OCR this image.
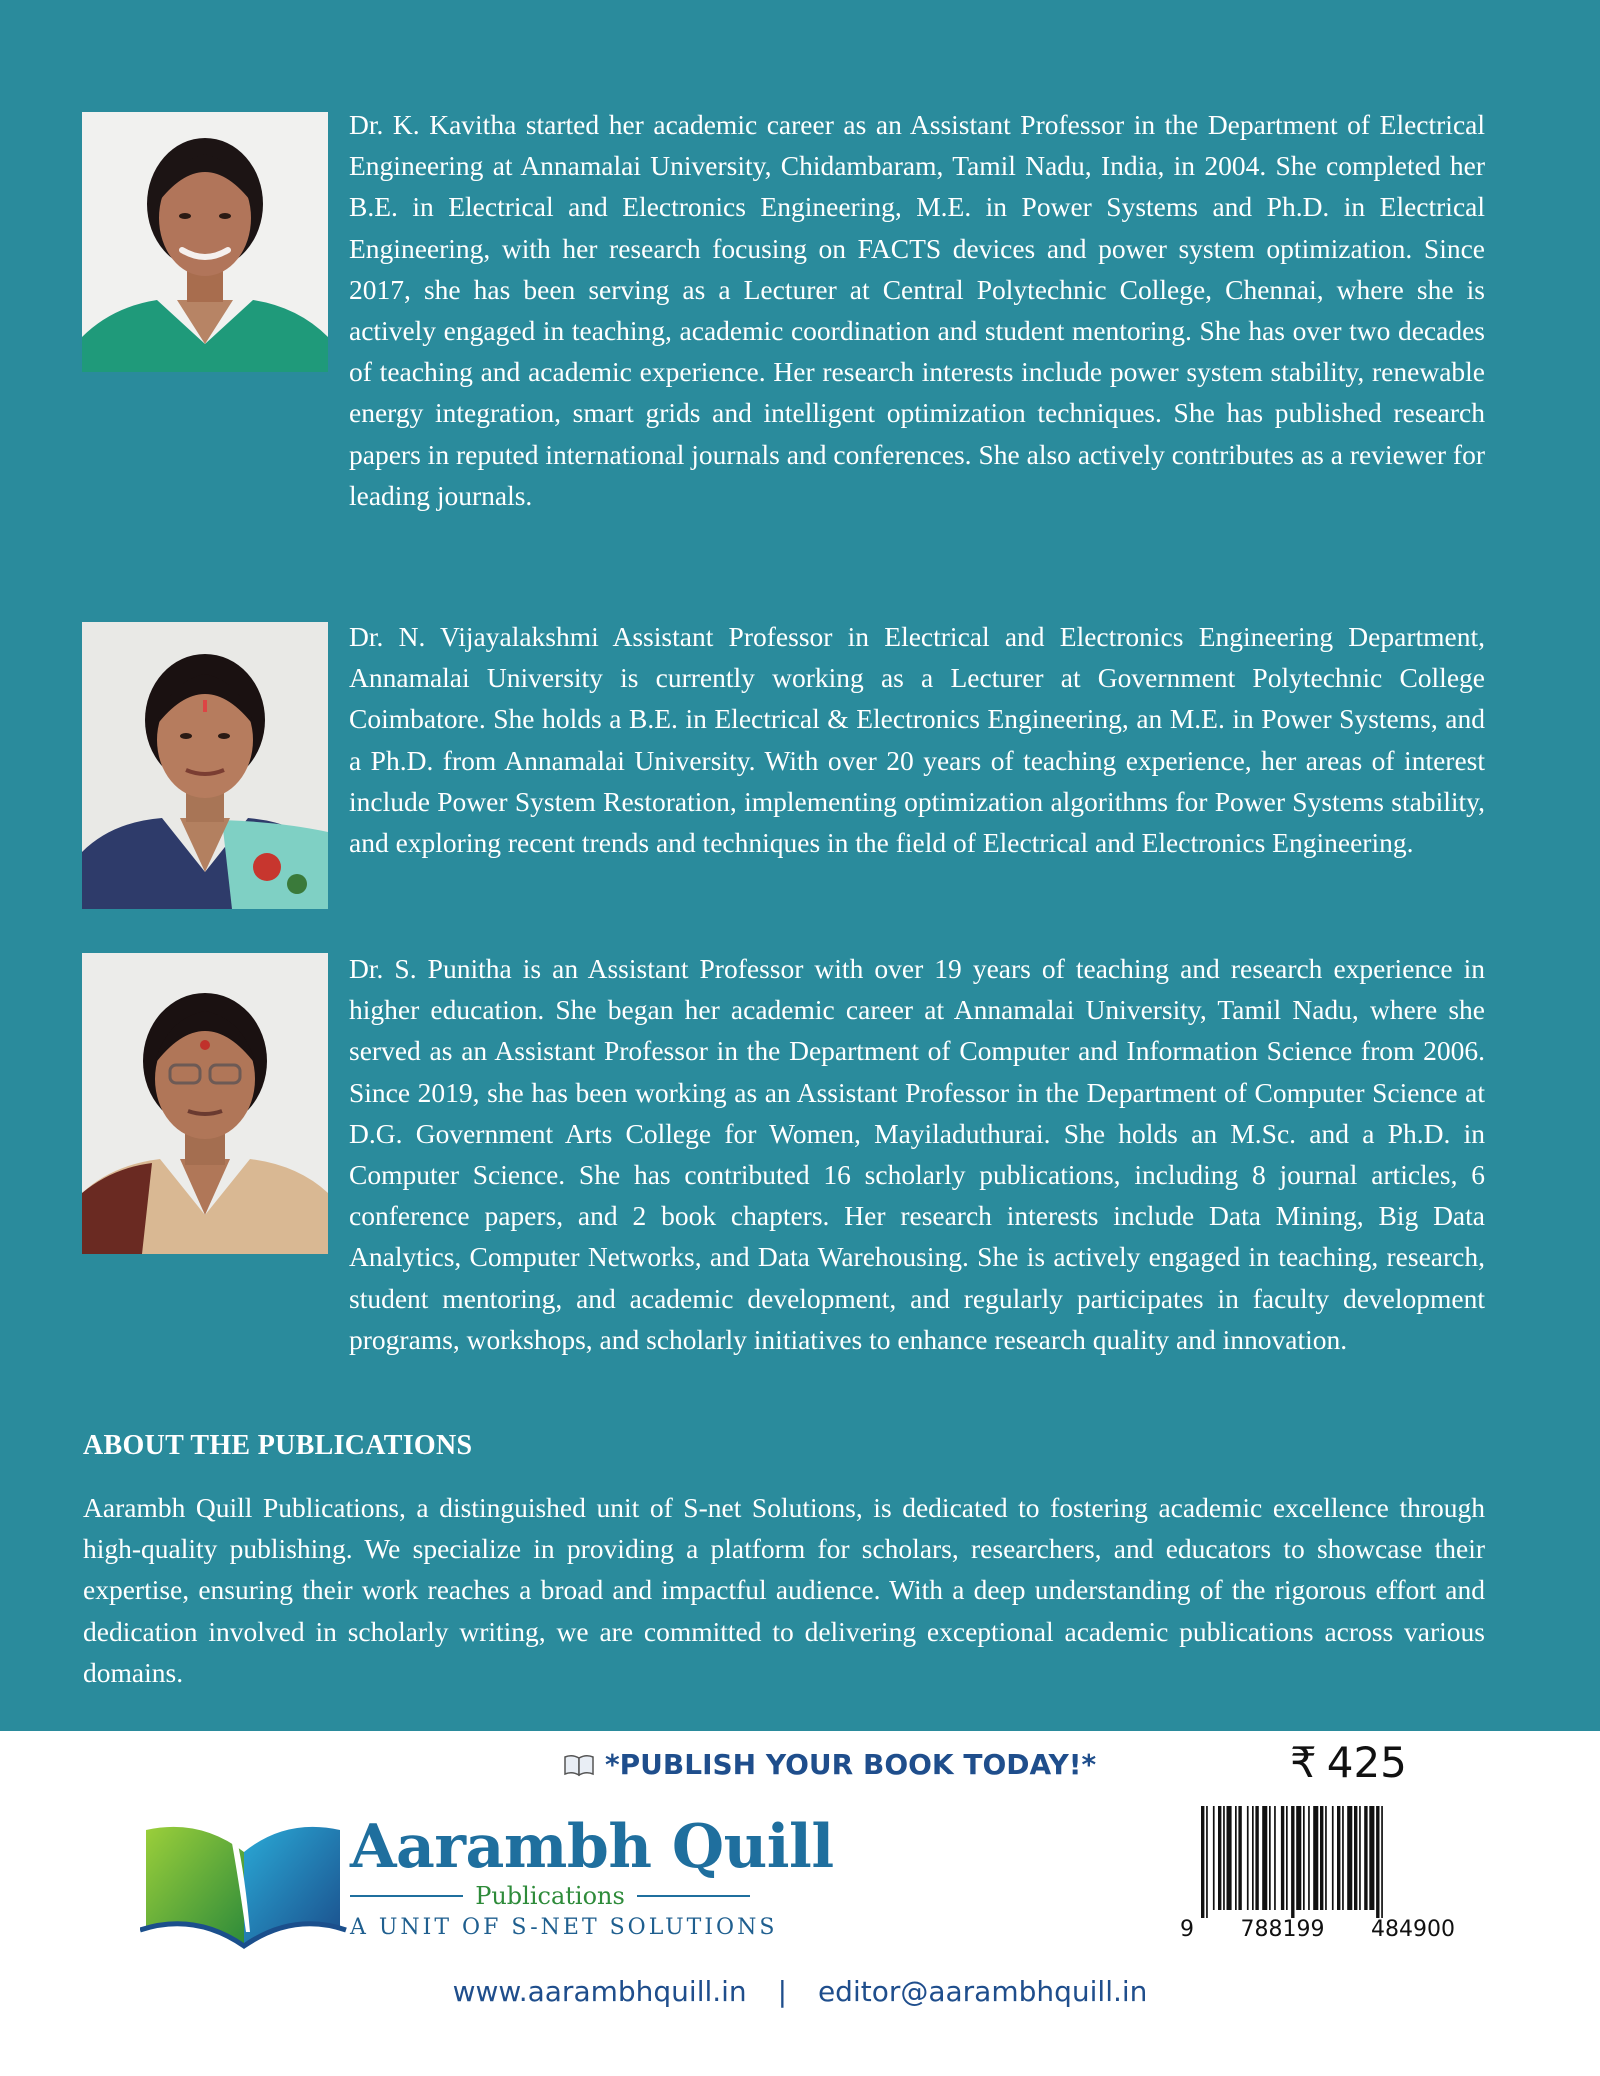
Dr. K. Kavitha started her academic career as an Assistant Professor in the Department of Electrical Engineering at Annamalai University, Chidambaram, Tamil Nadu, India, in 2004. She completed her B.E. in Electrical and Electronics Engineering, M.E. in Power Systems and Ph.D. in Electrical Engineering, with her research focusing on FACTS devices and power system optimization. Since 2017, she has been serving as a Lecturer at Central Polytechnic College, Chennai, where she is actively engaged in teaching, academic coordination and student mentoring. She has over two decades of teaching and academic experience. Her research interests include power system stability, renewable energy integration, smart grids and intelligent optimization techniques. She has published research papers in reputed international journals and conferences. She also actively contributes as a reviewer for leading journals.

Dr. N. Vijayalakshmi Assistant Professor in Electrical and Electronics Engineering Department, Annamalai University is currently working as a Lecturer at Government Polytechnic College Coimbatore. She holds a B.E. in Electrical & Electronics Engineering, an M.E. in Power Systems, and a Ph.D. from Annamalai University. With over 20 years of teaching experience, her areas of interest include Power System Restoration, implementing optimization algorithms for Power Systems stability, and exploring recent trends and techniques in the field of Electrical and Electronics Engineering.

Dr. S. Punitha is an Assistant Professor with over 19 years of teaching and research experience in higher education. She began her academic career at Annamalai University, Tamil Nadu, where she served as an Assistant Professor in the Department of Computer and Information Science from 2006. Since 2019, she has been working as an Assistant Professor in the Department of Computer Science at D.G. Government Arts College for Women, Mayiladuthurai. She holds an M.Sc. and a Ph.D. in Computer Science. She has contributed 16 scholarly publications, including 8 journal articles, 6 conference papers, and 2 book chapters. Her research interests include Data Mining, Big Data Analytics, Computer Networks, and Data Warehousing. She is actively engaged in teaching, research, student mentoring, and academic development, and regularly participates in faculty development programs, workshops, and scholarly initiatives to enhance research quality and innovation.

ABOUT THE PUBLICATIONS

Aarambh Quill Publications, a distinguished unit of S-net Solutions, is dedicated to fostering academic excellence through high-quality publishing. We specialize in providing a platform for scholars, researchers, and educators to showcase their expertise, ensuring their work reaches a broad and impactful audience. With a deep understanding of the rigorous effort and dedication involved in scholarly writing, we are committed to delivering exceptional academic publications across various domains.

*PUBLISH YOUR BOOK TODAY!*	₹ 425
Aarambh Quill
Publications

A UNIT OF S-NET SOLUTIONS	9 788199 484900
www.aarambhquill.in | editor@aarambhquill.in
